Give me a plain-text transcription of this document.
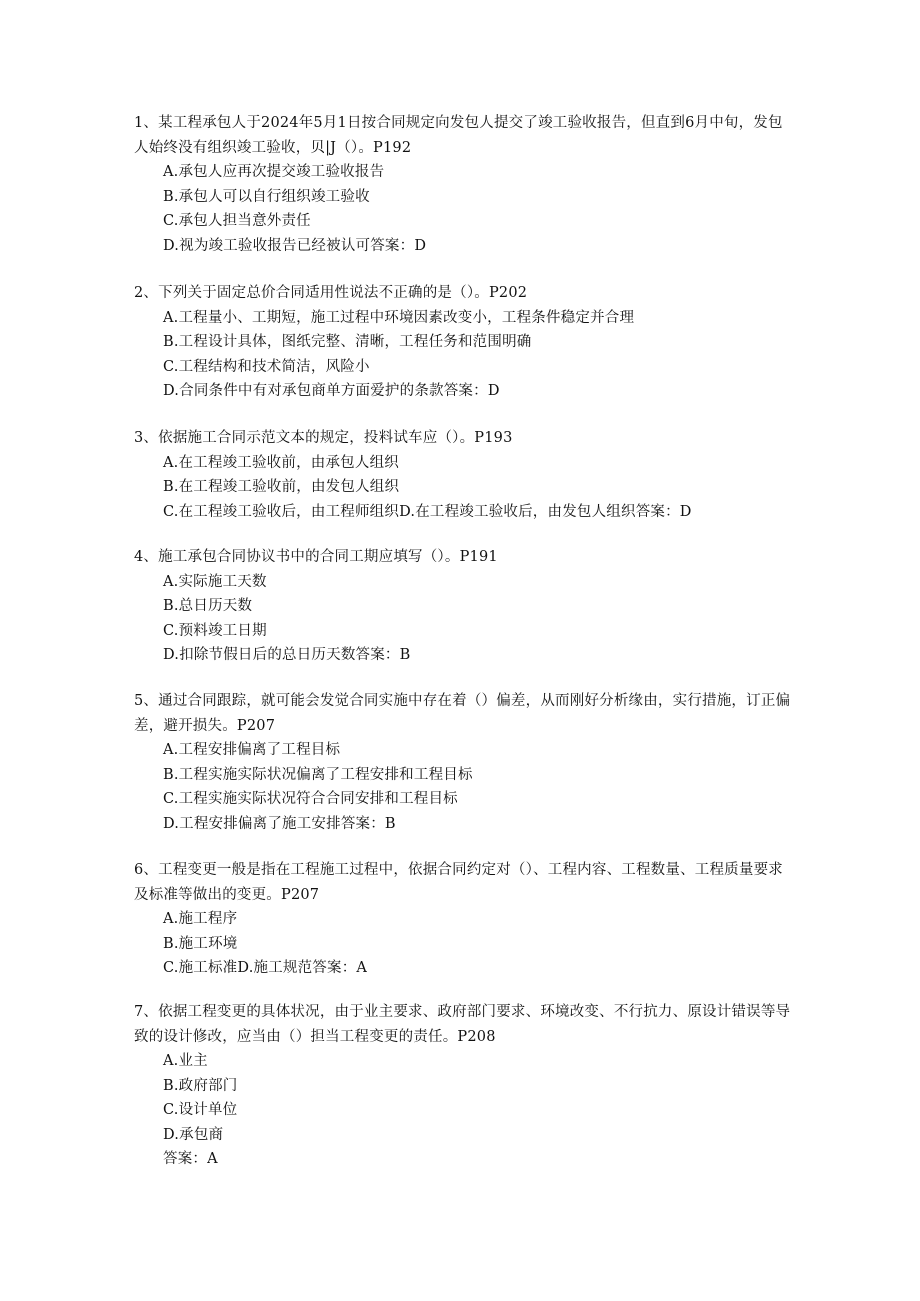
1、某工程承包人于2024年5月1日按合同规定向发包人提交了竣工验收报告，但直到6月中旬，发包人始终没有组织竣工验收，贝|J（）。P192

A.承包人应再次提交竣工验收报告
B.承包人可以自行组织竣工验收
C.承包人担当意外责任
D.视为竣工验收报告已经被认可答案：D

2、下列关于固定总价合同适用性说法不正确的是（）。P202

A.工程量小、工期短，施工过程中环境因素改变小，工程条件稳定并合理
B.工程设计具体，图纸完整、清晰，工程任务和范围明确
C.工程结构和技术简洁，风险小
D.合同条件中有对承包商单方面爱护的条款答案：D

3、依据施工合同示范文本的规定，投料试车应（）。P193

A.在工程竣工验收前，由承包人组织
B.在工程竣工验收前，由发包人组织
C.在工程竣工验收后，由工程师组织D.在工程竣工验收后，由发包人组织答案：D

4、施工承包合同协议书中的合同工期应填写（）。P191

A.实际施工天数
B.总日历天数
C.预料竣工日期
D.扣除节假日后的总日历天数答案：B

5、通过合同跟踪，就可能会发觉合同实施中存在着（）偏差，从而刚好分析缘由，实行措施，订正偏差，避开损失。P207

A.工程安排偏离了工程目标
B.工程实施实际状况偏离了工程安排和工程目标
C.工程实施实际状况符合合同安排和工程目标
D.工程安排偏离了施工安排答案：B

6、工程变更一般是指在工程施工过程中，依据合同约定对（）、工程内容、工程数量、工程质量要求及标准等做出的变更。P207

A.施工程序
B.施工环境
C.施工标准D.施工规范答案：A

7、依据工程变更的具体状况，由于业主要求、政府部门要求、环境改变、不行抗力、原设计错误等导致的设计修改，应当由（）担当工程变更的责任。P208

A.业主
B.政府部门
C.设计单位
D.承包商
答案：A
